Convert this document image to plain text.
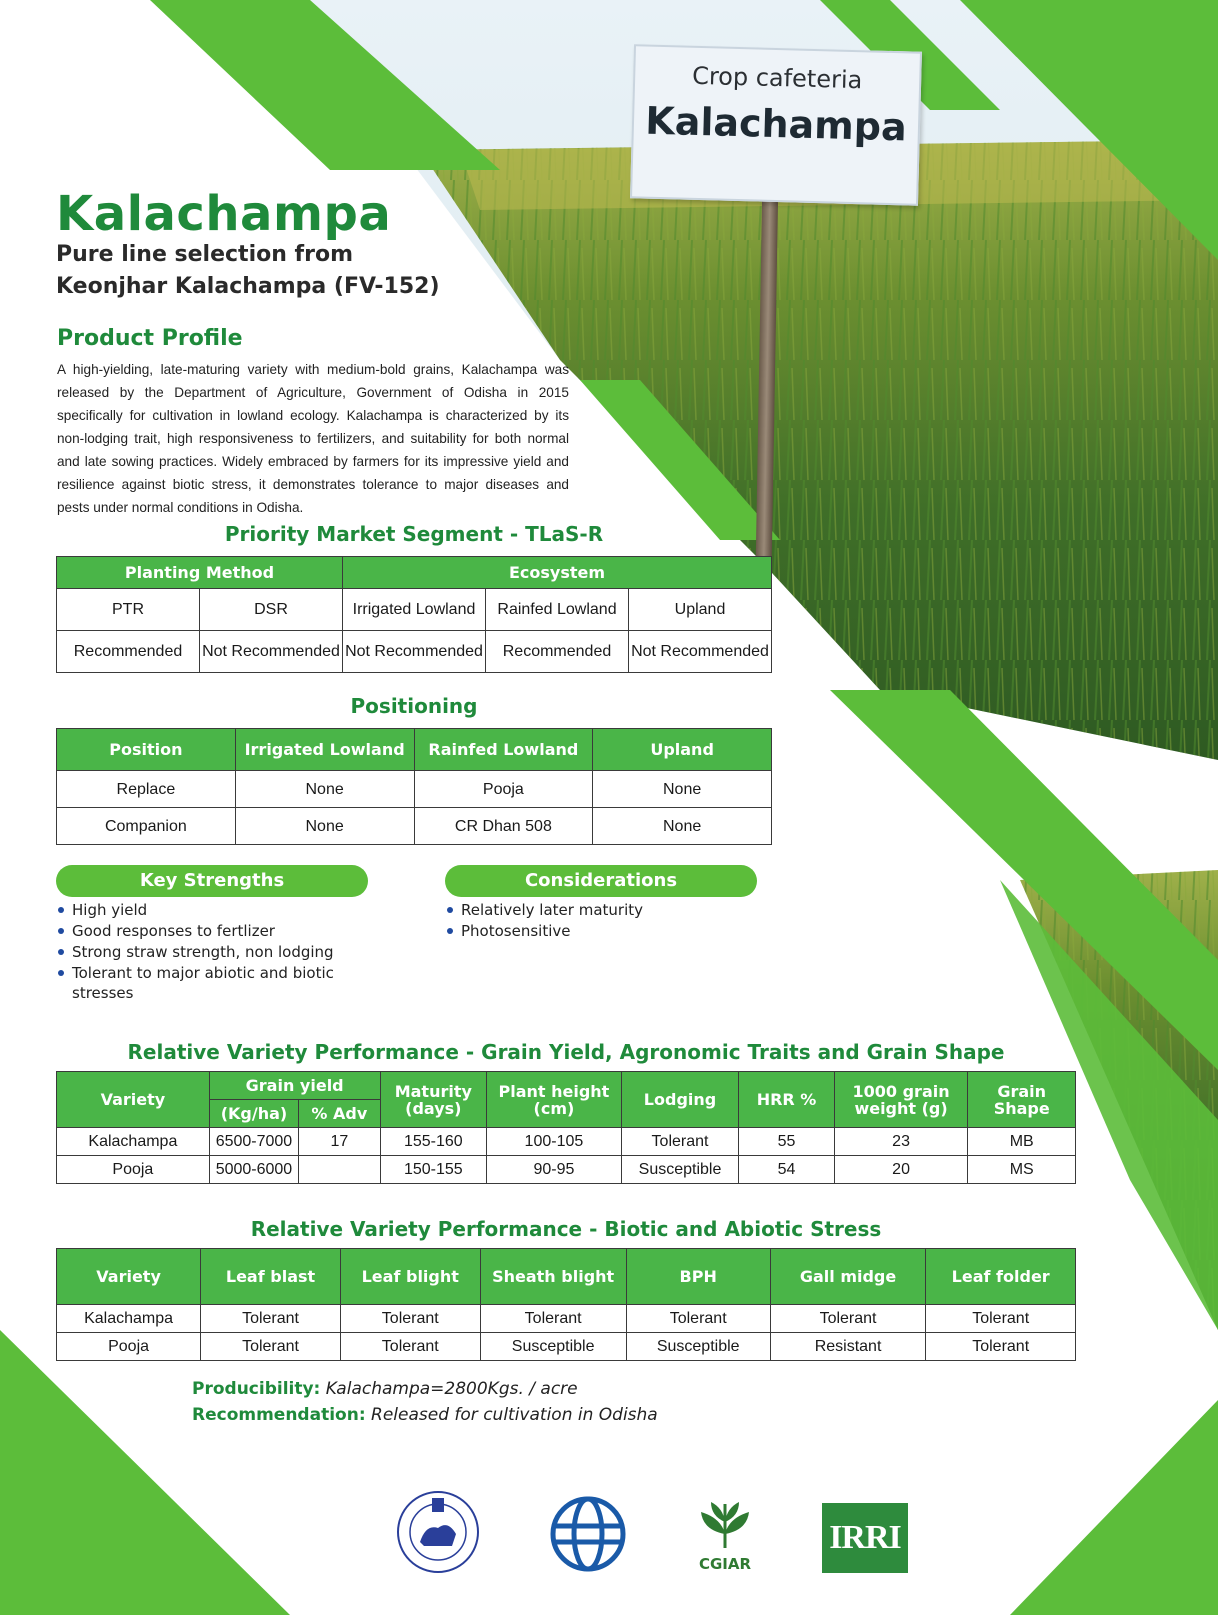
Crop cafeteria
Kalachampa
Kalachampa
Pure line selection from
Keonjhar Kalachampa (FV-152)
Product Profile
A high-yielding, late-maturing variety with medium-bold grains, Kalachampa was released by the Department of Agriculture, Government of Odisha in 2015 specifically for cultivation in lowland ecology. Kalachampa is characterized by its non-lodging trait, high responsiveness to fertilizers, and suitability for both normal and late sowing practices. Widely embraced by farmers for its impressive yield and resilience against biotic stress, it demonstrates tolerance to major diseases and pests under normal conditions in Odisha.
Priority Market Segment - TLaS-R
Planting Method		Ecosystem		
PTR	DSR	Irrigated Lowland	Rainfed Lowland	Upland
Recommended	Not Recommended	Not Recommended	Recommended	Not Recommended
Positioning
Position	Irrigated Lowland	Rainfed Lowland	Upland
Replace	None	Pooja	None
Companion	None	CR Dhan 508	None
Key Strengths
High yield
Good responses to fertlizer
Strong straw strength, non lodging
Tolerant to major abiotic and biotic stresses
Considerations
Relatively later maturity
Photosensitive
Relative Variety Performance - Grain Yield, Agronomic Traits and Grain Shape
Variety	Grain yield		Maturity (days)	Plant height (cm)	Lodging	HRR %	1000 grain weight (g)	Grain Shape
	(Kg/ha)	% Adv						
Kalachampa	6500-7000	17	155-160	100-105	Tolerant	55	23	MB
Pooja	5000-6000		150-155	90-95	Susceptible	54	20	MS
Relative Variety Performance - Biotic and Abiotic Stress
Variety	Leaf blast	Leaf blight	Sheath blight	BPH	Gall midge	Leaf folder
Kalachampa	Tolerant	Tolerant	Tolerant	Tolerant	Tolerant	Tolerant
Pooja	Tolerant	Tolerant	Susceptible	Susceptible	Resistant	Tolerant
Producibility: Kalachampa=2800Kgs. / acre
Recommendation: Released for cultivation in Odisha
CGIAR
IRRI
